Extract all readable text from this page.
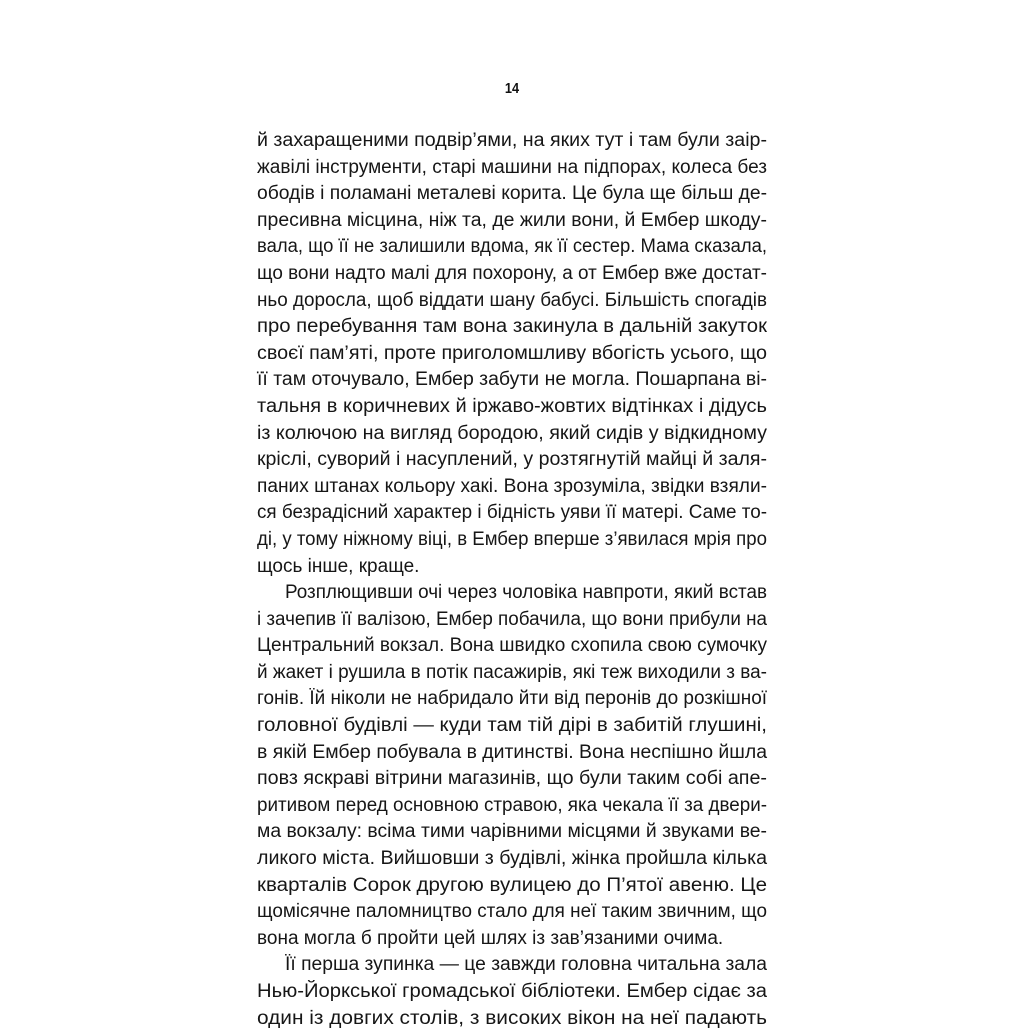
14
й захаращеними подвір’ями, на яких тут і там були заір-
жавілі інструменти, старі машини на підпорах, колеса без
ободів і поламані металеві корита. Це була ще більш де-
пресивна місцина, ніж та, де жили вони, й Ембер шкоду-
вала, що її не залишили вдома, як її сестер. Мама сказала,
що вони надто малі для похорону, а от Ембер вже достат-
ньо доросла, щоб віддати шану бабусі. Більшість спогадів
про перебування там вона закинула в дальній закуток
своєї пам’яті, проте приголомшливу вбогість усього, що
її там оточувало, Ембер забути не могла. Пошарпана ві-
тальня в коричневих й іржаво-жовтих відтінках і дідусь
із колючою на вигляд бородою, який сидів у відкидному
кріслі, суворий і насуплений, у розтягнутій майці й заля-
паних штанах кольору хакі. Вона зрозуміла, звідки взяли-
ся безрадісний характер і бідність уяви її матері. Саме то-
ді, у тому ніжному віці, в Ембер вперше з’явилася мрія про
щось інше, краще.
Розплющивши очі через чоловіка навпроти, який встав
і зачепив її валізою, Ембер побачила, що вони прибули на
Центральний вокзал. Вона швидко схопила свою сумочку
й жакет і рушила в потік пасажирів, які теж виходили з ва-
гонів. Їй ніколи не набридало йти від перонів до розкішної
головної будівлі — куди там тій дірі в забитій глушині,
в якій Ембер побувала в дитинстві. Вона неспішно йшла
повз яскраві вітрини магазинів, що були таким собі апе-
ритивом перед основною стравою, яка чекала її за двери-
ма вокзалу: всіма тими чарівними місцями й звуками ве-
ликого міста. Вийшовши з будівлі, жінка пройшла кілька
кварталів Сорок другою вулицею до П’ятої авеню. Це
щомісячне паломництво стало для неї таким звичним, що
вона могла б пройти цей шлях із зав’язаними очима.
Її перша зупинка — це завжди головна читальна зала
Нью-Йоркської громадської бібліотеки. Ембер сідає за
один із довгих столів, з високих вікон на неї падають
